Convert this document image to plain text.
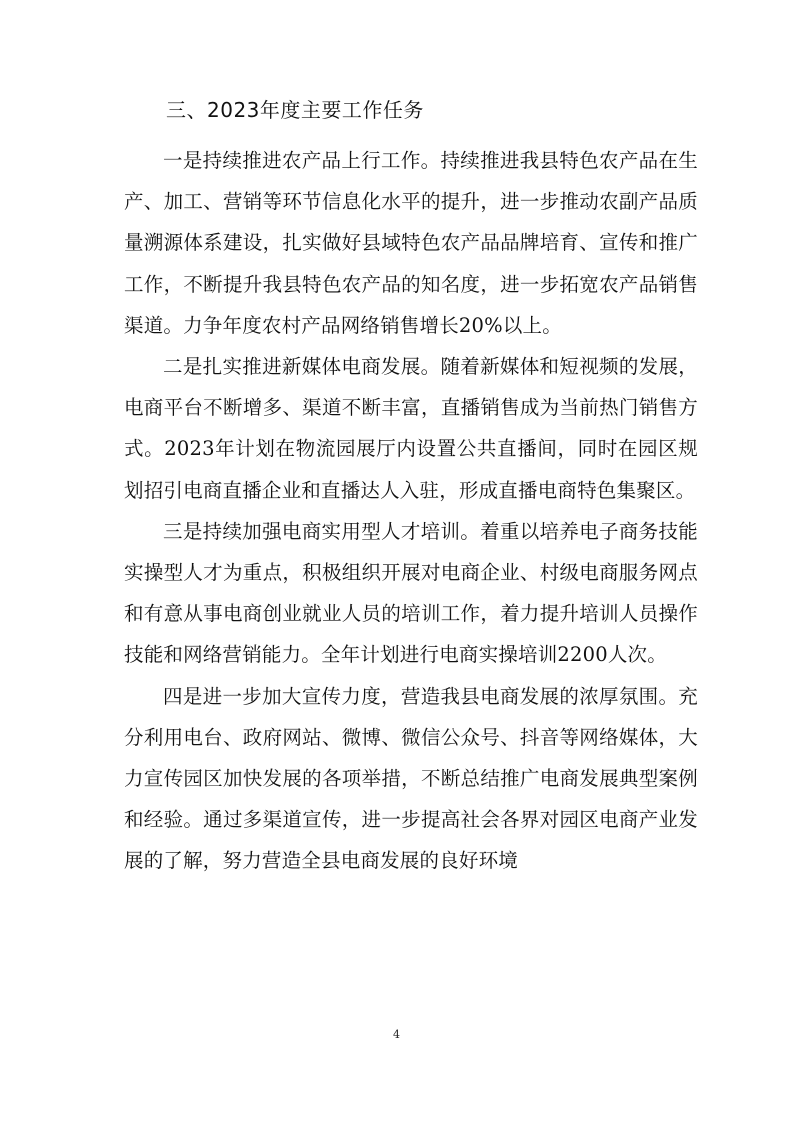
三、2023年度主要工作任务

一是持续推进农产品上行工作。持续推进我县特色农产品在生产、加工、营销等环节信息化水平的提升，进一步推动农副产品质量溯源体系建设，扎实做好县域特色农产品品牌培育、宣传和推广工作，不断提升我县特色农产品的知名度，进一步拓宽农产品销售渠道。力争年度农村产品网络销售增长20%以上。

二是扎实推进新媒体电商发展。随着新媒体和短视频的发展，电商平台不断增多、渠道不断丰富，直播销售成为当前热门销售方式。2023年计划在物流园展厅内设置公共直播间，同时在园区规划招引电商直播企业和直播达人入驻，形成直播电商特色集聚区。

三是持续加强电商实用型人才培训。着重以培养电子商务技能实操型人才为重点，积极组织开展对电商企业、村级电商服务网点和有意从事电商创业就业人员的培训工作，着力提升培训人员操作技能和网络营销能力。全年计划进行电商实操培训2200人次。

四是进一步加大宣传力度，营造我县电商发展的浓厚氛围。充分利用电台、政府网站、微博、微信公众号、抖音等网络媒体，大力宣传园区加快发展的各项举措，不断总结推广电商发展典型案例和经验。通过多渠道宣传，进一步提高社会各界对园区电商产业发展的了解，努力营造全县电商发展的良好环境

4
